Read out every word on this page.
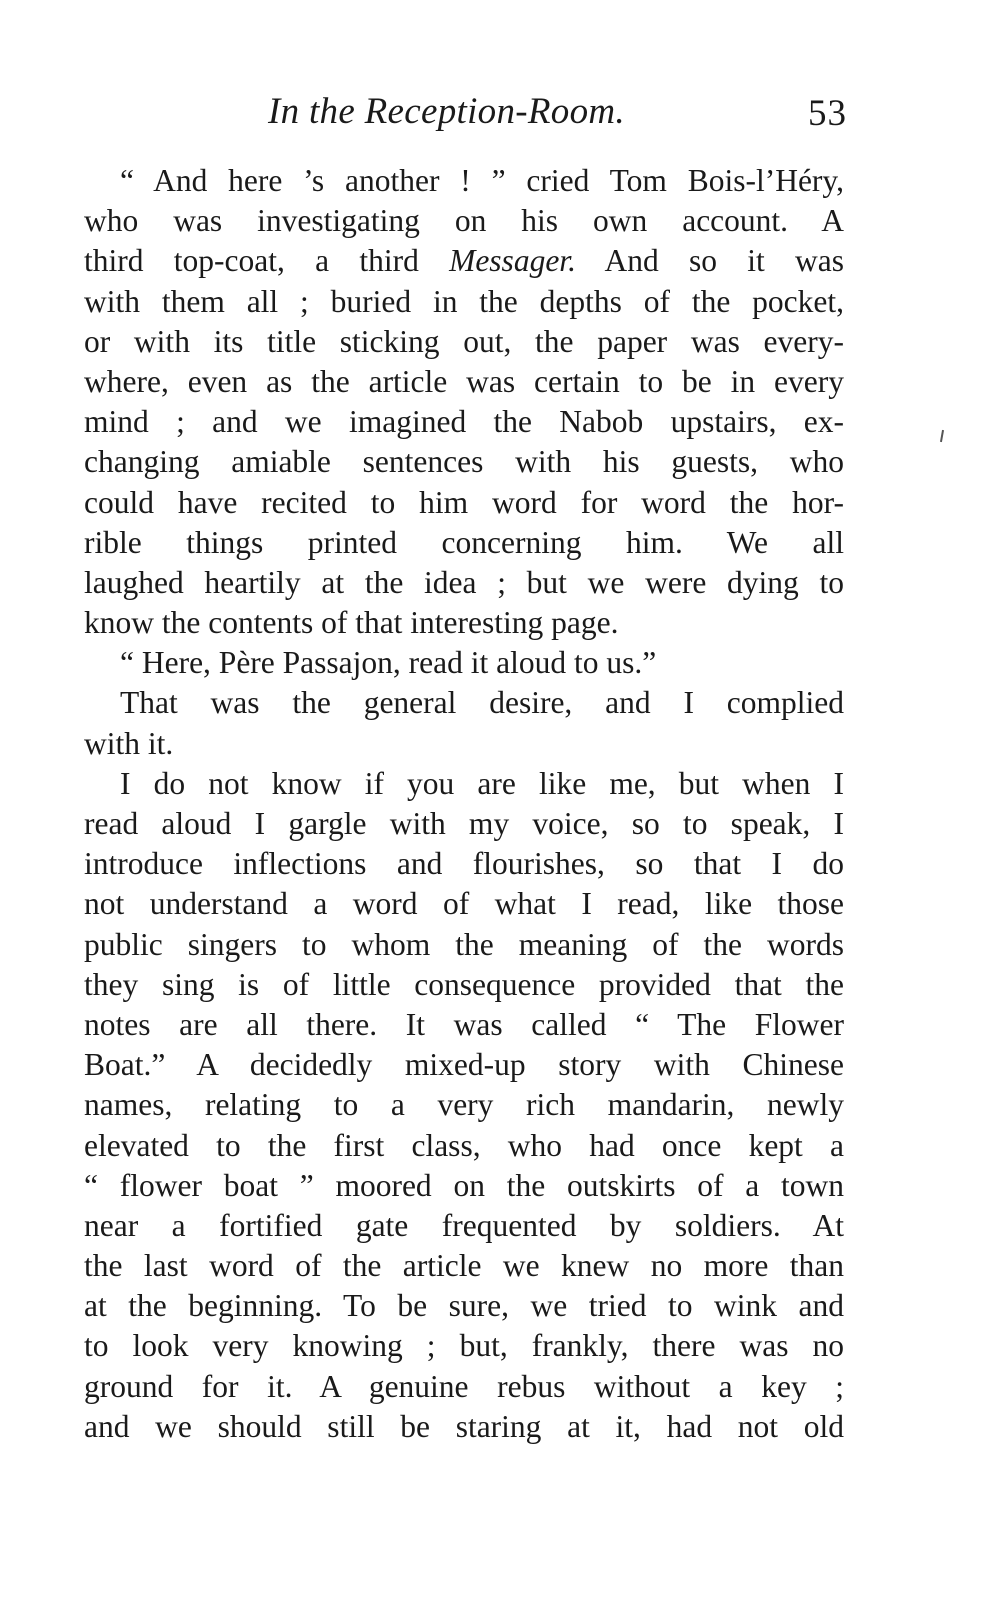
In the Reception-Room.	53
“ And here ’s another ! ” cried Tom Bois-l’Héry,
who was investigating on his own account. A
third top-coat, a third Messager. And so it was
with them all ; buried in the depths of the pocket,
or with its title sticking out, the paper was every-
where, even as the article was certain to be in every
mind ; and we imagined the Nabob upstairs, ex-
changing amiable sentences with his guests, who
could have recited to him word for word the hor-
rible things printed concerning him. We all
laughed heartily at the idea ; but we were dying to
know the contents of that interesting page.
“ Here, Père Passajon, read it aloud to us.”
That was the general desire, and I complied
with it.
I do not know if you are like me, but when I
read aloud I gargle with my voice, so to speak, I
introduce inflections and flourishes, so that I do
not understand a word of what I read, like those
public singers to whom the meaning of the words
they sing is of little consequence provided that the
notes are all there. It was called “ The Flower
Boat.” A decidedly mixed-up story with Chinese
names, relating to a very rich mandarin, newly
elevated to the first class, who had once kept a
“ flower boat ” moored on the outskirts of a town
near a fortified gate frequented by soldiers. At
the last word of the article we knew no more than
at the beginning. To be sure, we tried to wink and
to look very knowing ; but, frankly, there was no
ground for it. A genuine rebus without a key ;
and we should still be staring at it, had not old
